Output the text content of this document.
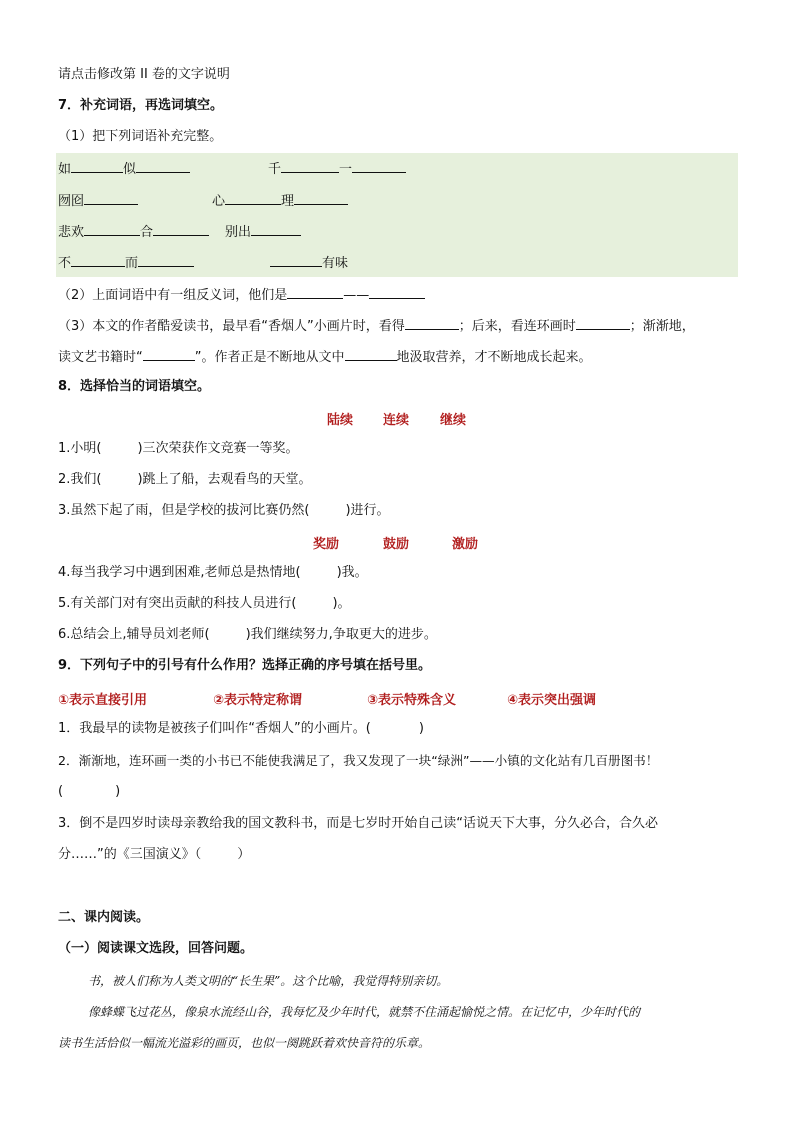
请点击修改第 II 卷的文字说明
7．补充词语，再选词填空。
（1）把下列词语补充完整。
如	似	千	一
囫囵	心	理
悲欢	合	别出
不	而	有味
（2）上面词语中有一组反义词，他们是	——
（3）本文的作者酷爱读书，最早看“香烟人”小画片时，看得	；后来，看连环画时	；渐渐地，
读文艺书籍时“	”。作者正是不断地从文中	地汲取营养，才不断地成长起来。
8．选择恰当的词语填空。
陆续 连续 继续
1.小明(	)三次荣获作文竞赛一等奖。
2.我们(	)跳上了船，去观看鸟的天堂。
3.虽然下起了雨，但是学校的拔河比赛仍然(	)进行。
奖励	鼓励	激励
4.每当我学习中遇到困难,老师总是热情地(	)我。
5.有关部门对有突出贡献的科技人员进行(	)。
6.总结会上,辅导员刘老师(	)我们继续努力,争取更大的进步。
9．下列句子中的引号有什么作用？选择正确的序号填在括号里。
①表示直接引用	②表示特定称谓	③表示特殊含义	④表示突出强调
1．我最早的读物是被孩子们叫作“香烟人”的小画片。(	)
2．渐渐地，连环画一类的小书已不能使我满足了，我又发现了一块“绿洲”——小镇的文化站有几百册图书！
(	)
3．倒不是四岁时读母亲教给我的国文教科书，而是七岁时开始自己读“话说天下大事，分久必合，合久必
分……”的《三国演义》（	）
二、课内阅读。
（一）阅读课文选段，回答问题。
书，被人们称为人类文明的“长生果”。这个比喻，我觉得特别亲切。
像蜂蝶飞过花丛，像泉水流经山谷，我每忆及少年时代，就禁不住涌起愉悦之情。在记忆中，少年时代的
读书生活恰似一幅流光溢彩的画页，也似一阕跳跃着欢快音符的乐章。
